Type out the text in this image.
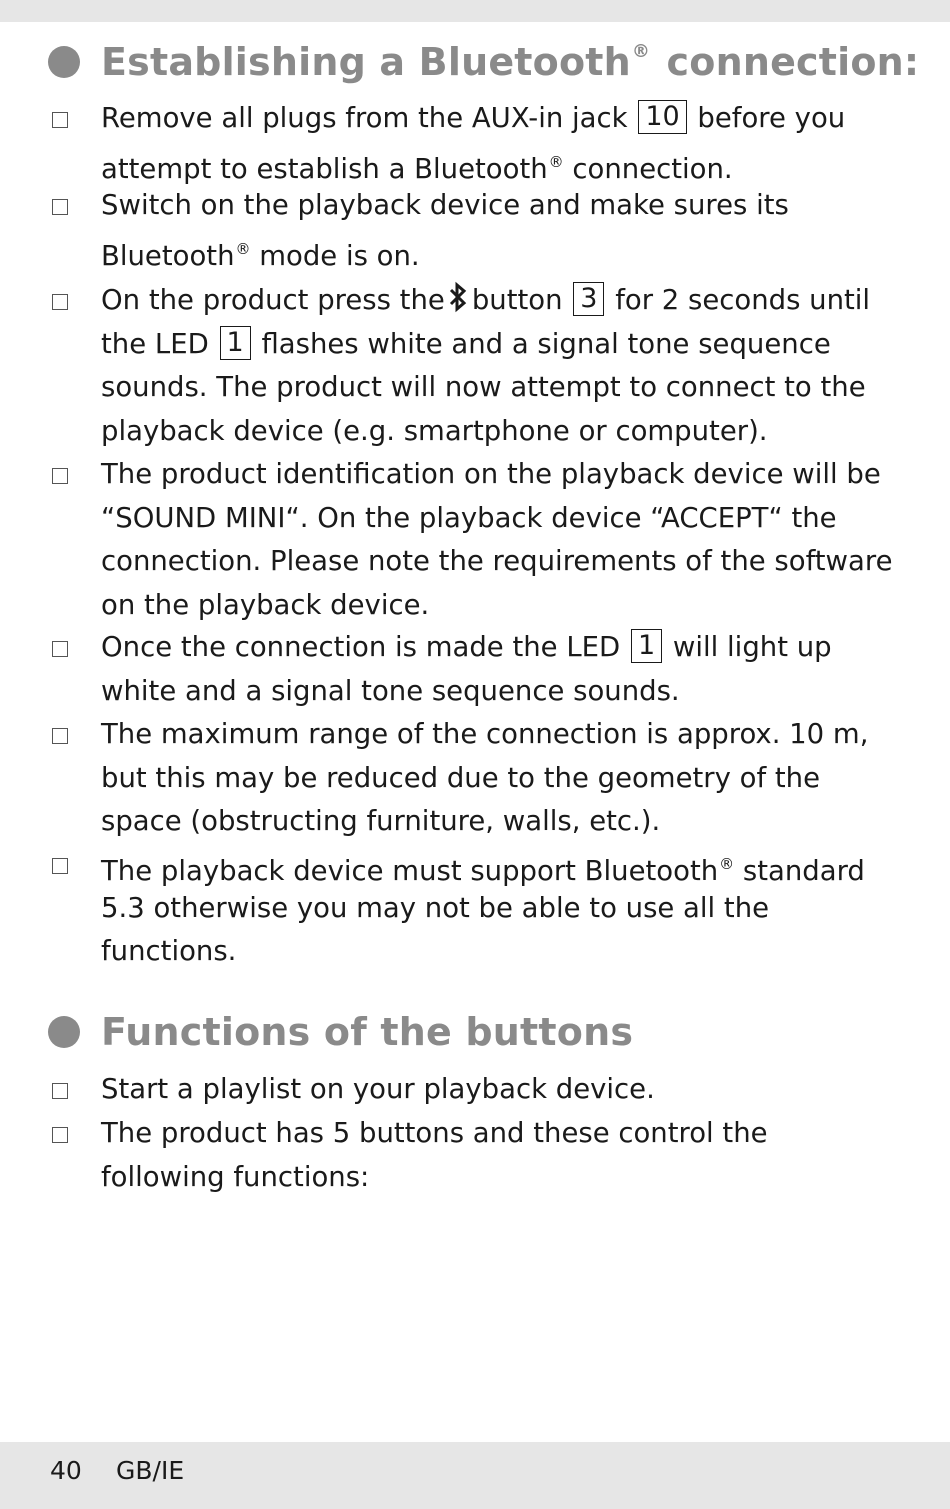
Establishing a Bluetooth® connection:
Remove all plugs from the AUX-in jack 10 before you
attempt to establish a Bluetooth® connection.
Switch on the playback device and make sures its
Bluetooth® mode is on.
On the product press the button 3 for 2 seconds until
the LED 1 flashes white and a signal tone sequence
sounds. The product will now attempt to connect to the
playback device (e.g. smartphone or computer).
The product identification on the playback device will be
“SOUND MINI“. On the playback device “ACCEPT“ the
connection. Please note the requirements of the software
on the playback device.
Once the connection is made the LED 1 will light up
white and a signal tone sequence sounds.
The maximum range of the connection is approx. 10 m,
but this may be reduced due to the geometry of the
space (obstructing furniture, walls, etc.).
The playback device must support Bluetooth® standard
5.3 otherwise you may not be able to use all the
functions.
Functions of the buttons
Start a playlist on your playback device.
The product has 5 buttons and these control the
following functions:
40 GB/IE
